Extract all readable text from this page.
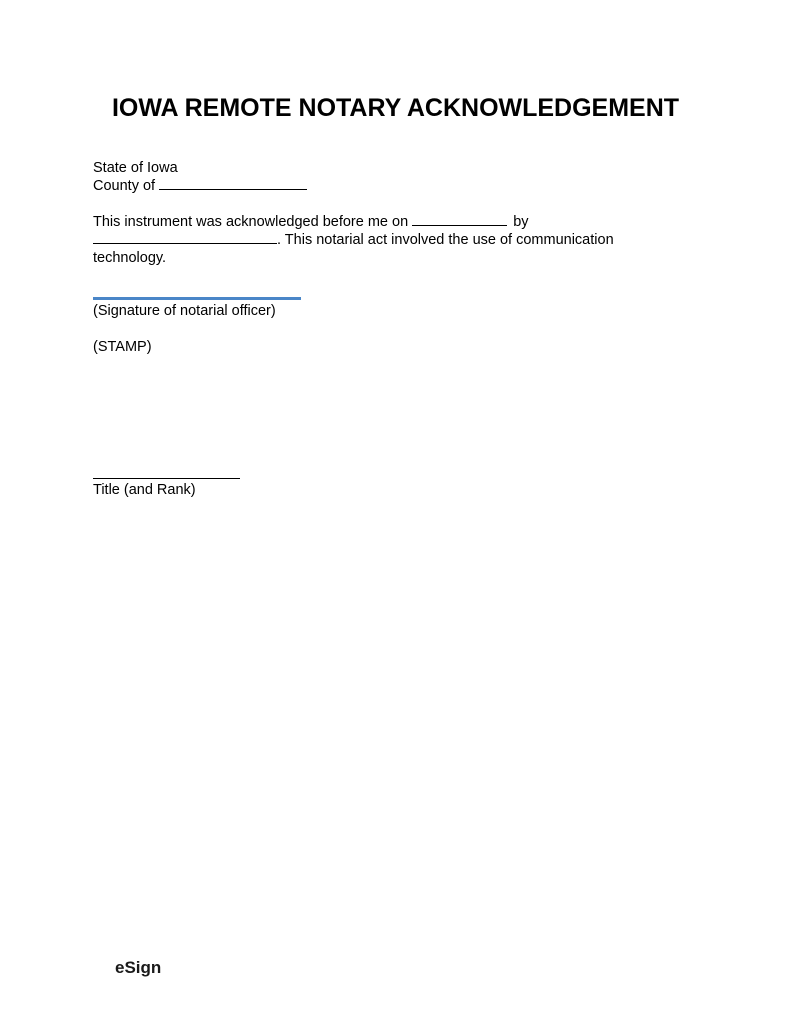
IOWA REMOTE NOTARY ACKNOWLEDGEMENT
State of Iowa
County of
This instrument was acknowledged before me on	by
. This notarial act involved the use of communication
technology.
(Signature of notarial officer)
(STAMP)
Title (and Rank)
eSign
